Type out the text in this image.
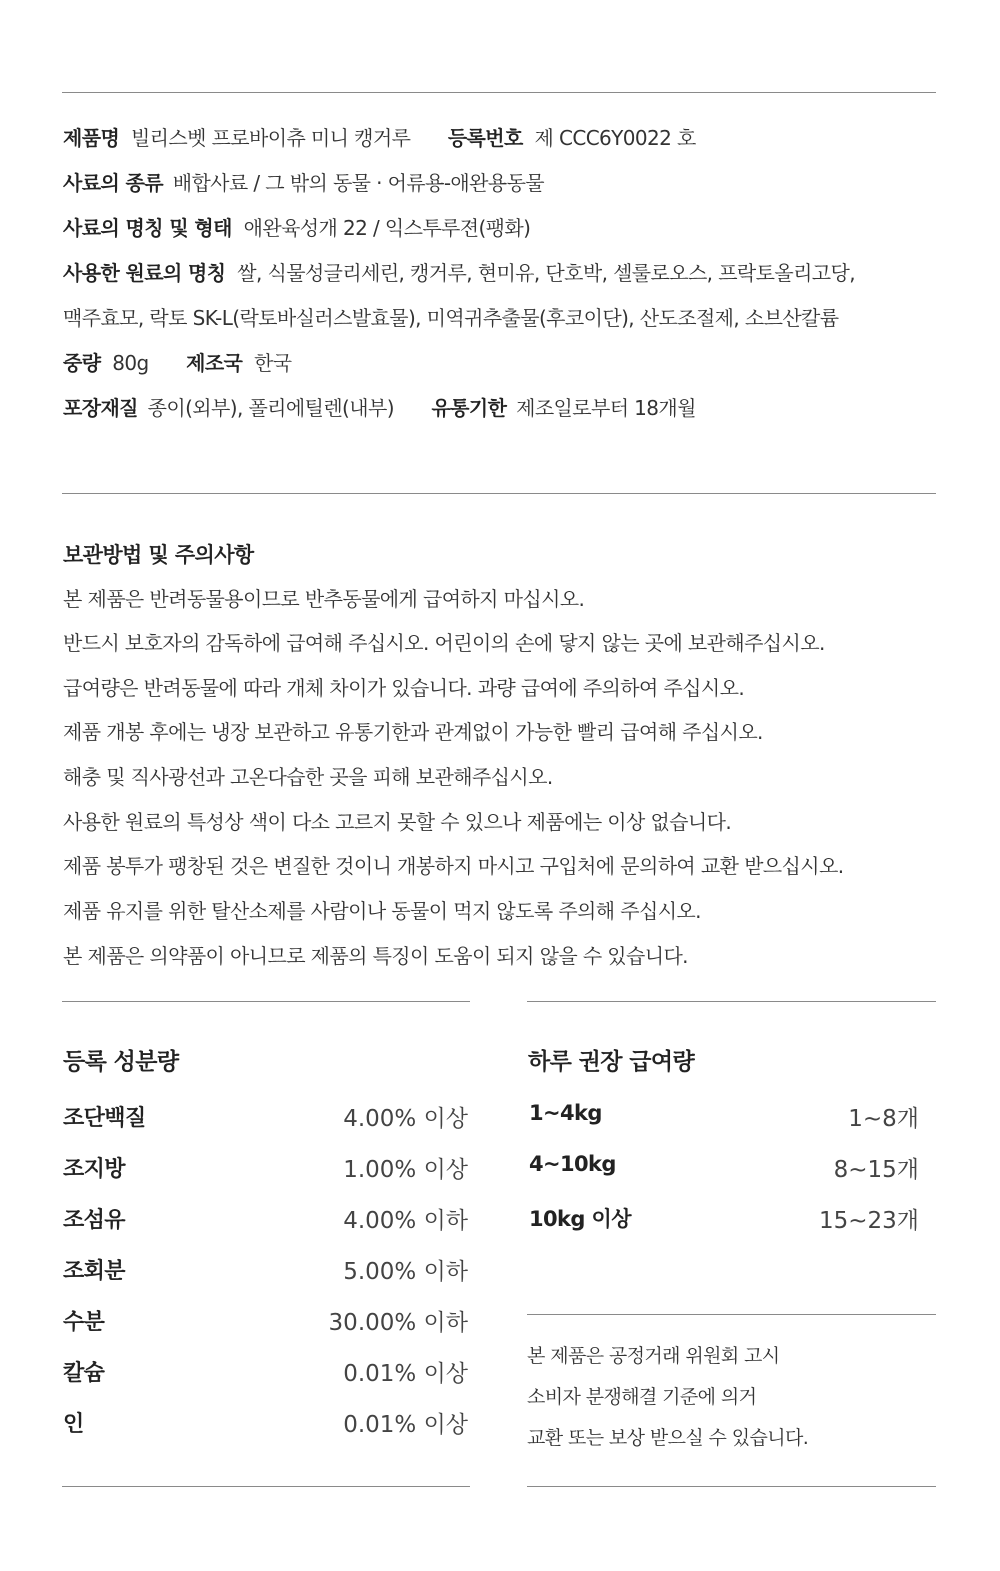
제품명 빌리스벳 프로바이츄 미니 캥거루 등록번호 제 CCC6Y0022 호
사료의 종류 배합사료 / 그 밖의 동물 · 어류용-애완용동물
사료의 명칭 및 형태 애완육성개 22 / 익스투루젼(팽화)
사용한 원료의 명칭 쌀, 식물성글리세린, 캥거루, 현미유, 단호박, 셀룰로오스, 프락토올리고당,
맥주효모, 락토 SK-L(락토바실러스발효물), 미역귀추출물(후코이단), 산도조절제, 소브산칼륨
중량 80g 제조국 한국
포장재질 종이(외부), 폴리에틸렌(내부) 유통기한 제조일로부터 18개월
보관방법 및 주의사항
본 제품은 반려동물용이므로 반추동물에게 급여하지 마십시오.
반드시 보호자의 감독하에 급여해 주십시오. 어린이의 손에 닿지 않는 곳에 보관해주십시오.
급여량은 반려동물에 따라 개체 차이가 있습니다. 과량 급여에 주의하여 주십시오.
제품 개봉 후에는 냉장 보관하고 유통기한과 관계없이 가능한 빨리 급여해 주십시오.
해충 및 직사광선과 고온다습한 곳을 피해 보관해주십시오.
사용한 원료의 특성상 색이 다소 고르지 못할 수 있으나 제품에는 이상 없습니다.
제품 봉투가 팽창된 것은 변질한 것이니 개봉하지 마시고 구입처에 문의하여 교환 받으십시오.
제품 유지를 위한 탈산소제를 사람이나 동물이 먹지 않도록 주의해 주십시오.
본 제품은 의약품이 아니므로 제품의 특징이 도움이 되지 않을 수 있습니다.
등록 성분량
조단백질	4.00% 이상
조지방	1.00% 이상
조섬유	4.00% 이하
조회분	5.00% 이하
수분	30.00% 이하
칼슘	0.01% 이상
인	0.01% 이상
하루 권장 급여량
1~4kg	1~8개
4~10kg	8~15개
10kg 이상	15~23개
본 제품은 공정거래 위원회 고시
소비자 분쟁해결 기준에 의거
교환 또는 보상 받으실 수 있습니다.
